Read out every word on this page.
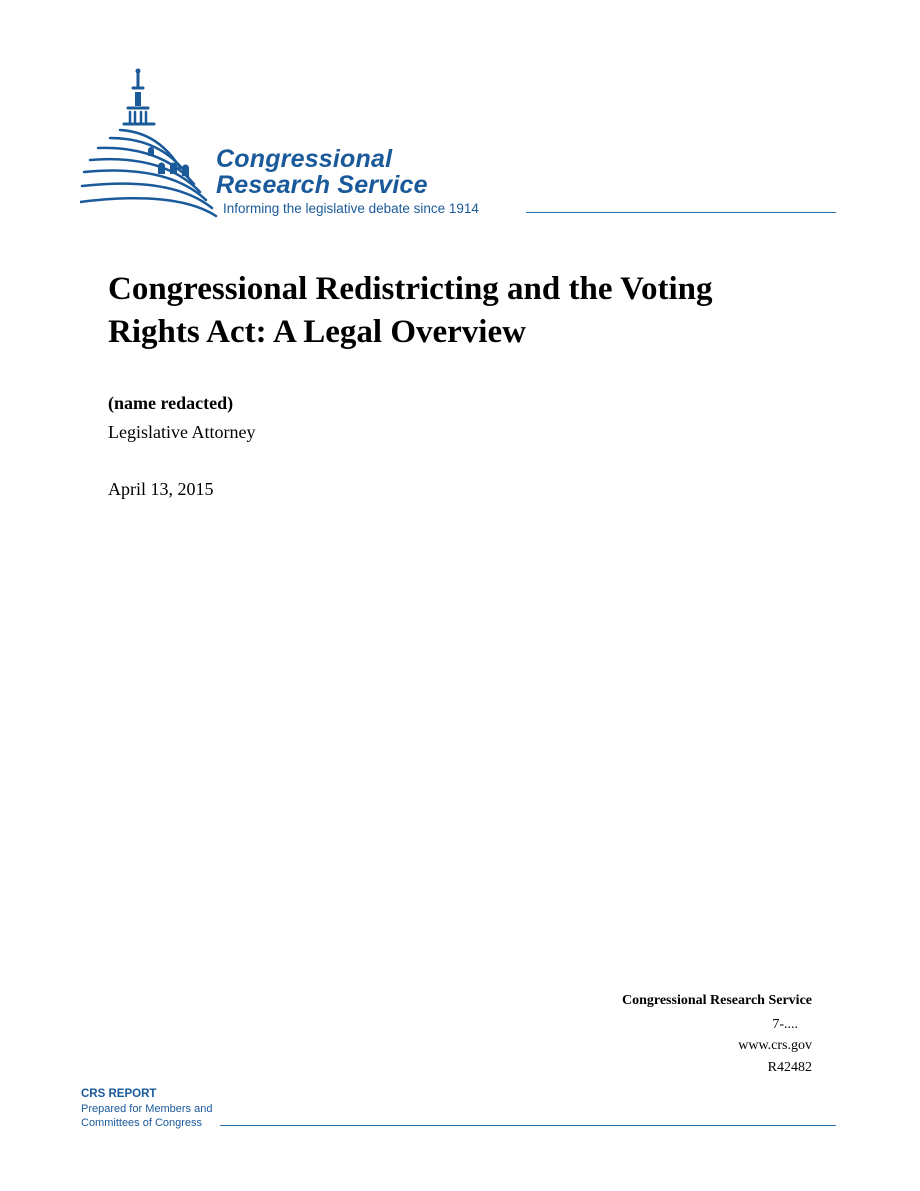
Congressional
Research Service
Informing the legislative debate since 1914
Congressional Redistricting and the Voting Rights Act: A Legal Overview
(name redacted)
Legislative Attorney
April 13, 2015
Congressional Research Service
7-....
www.crs.gov
R42482
CRS REPORT
Prepared for Members and
Committees of Congress
